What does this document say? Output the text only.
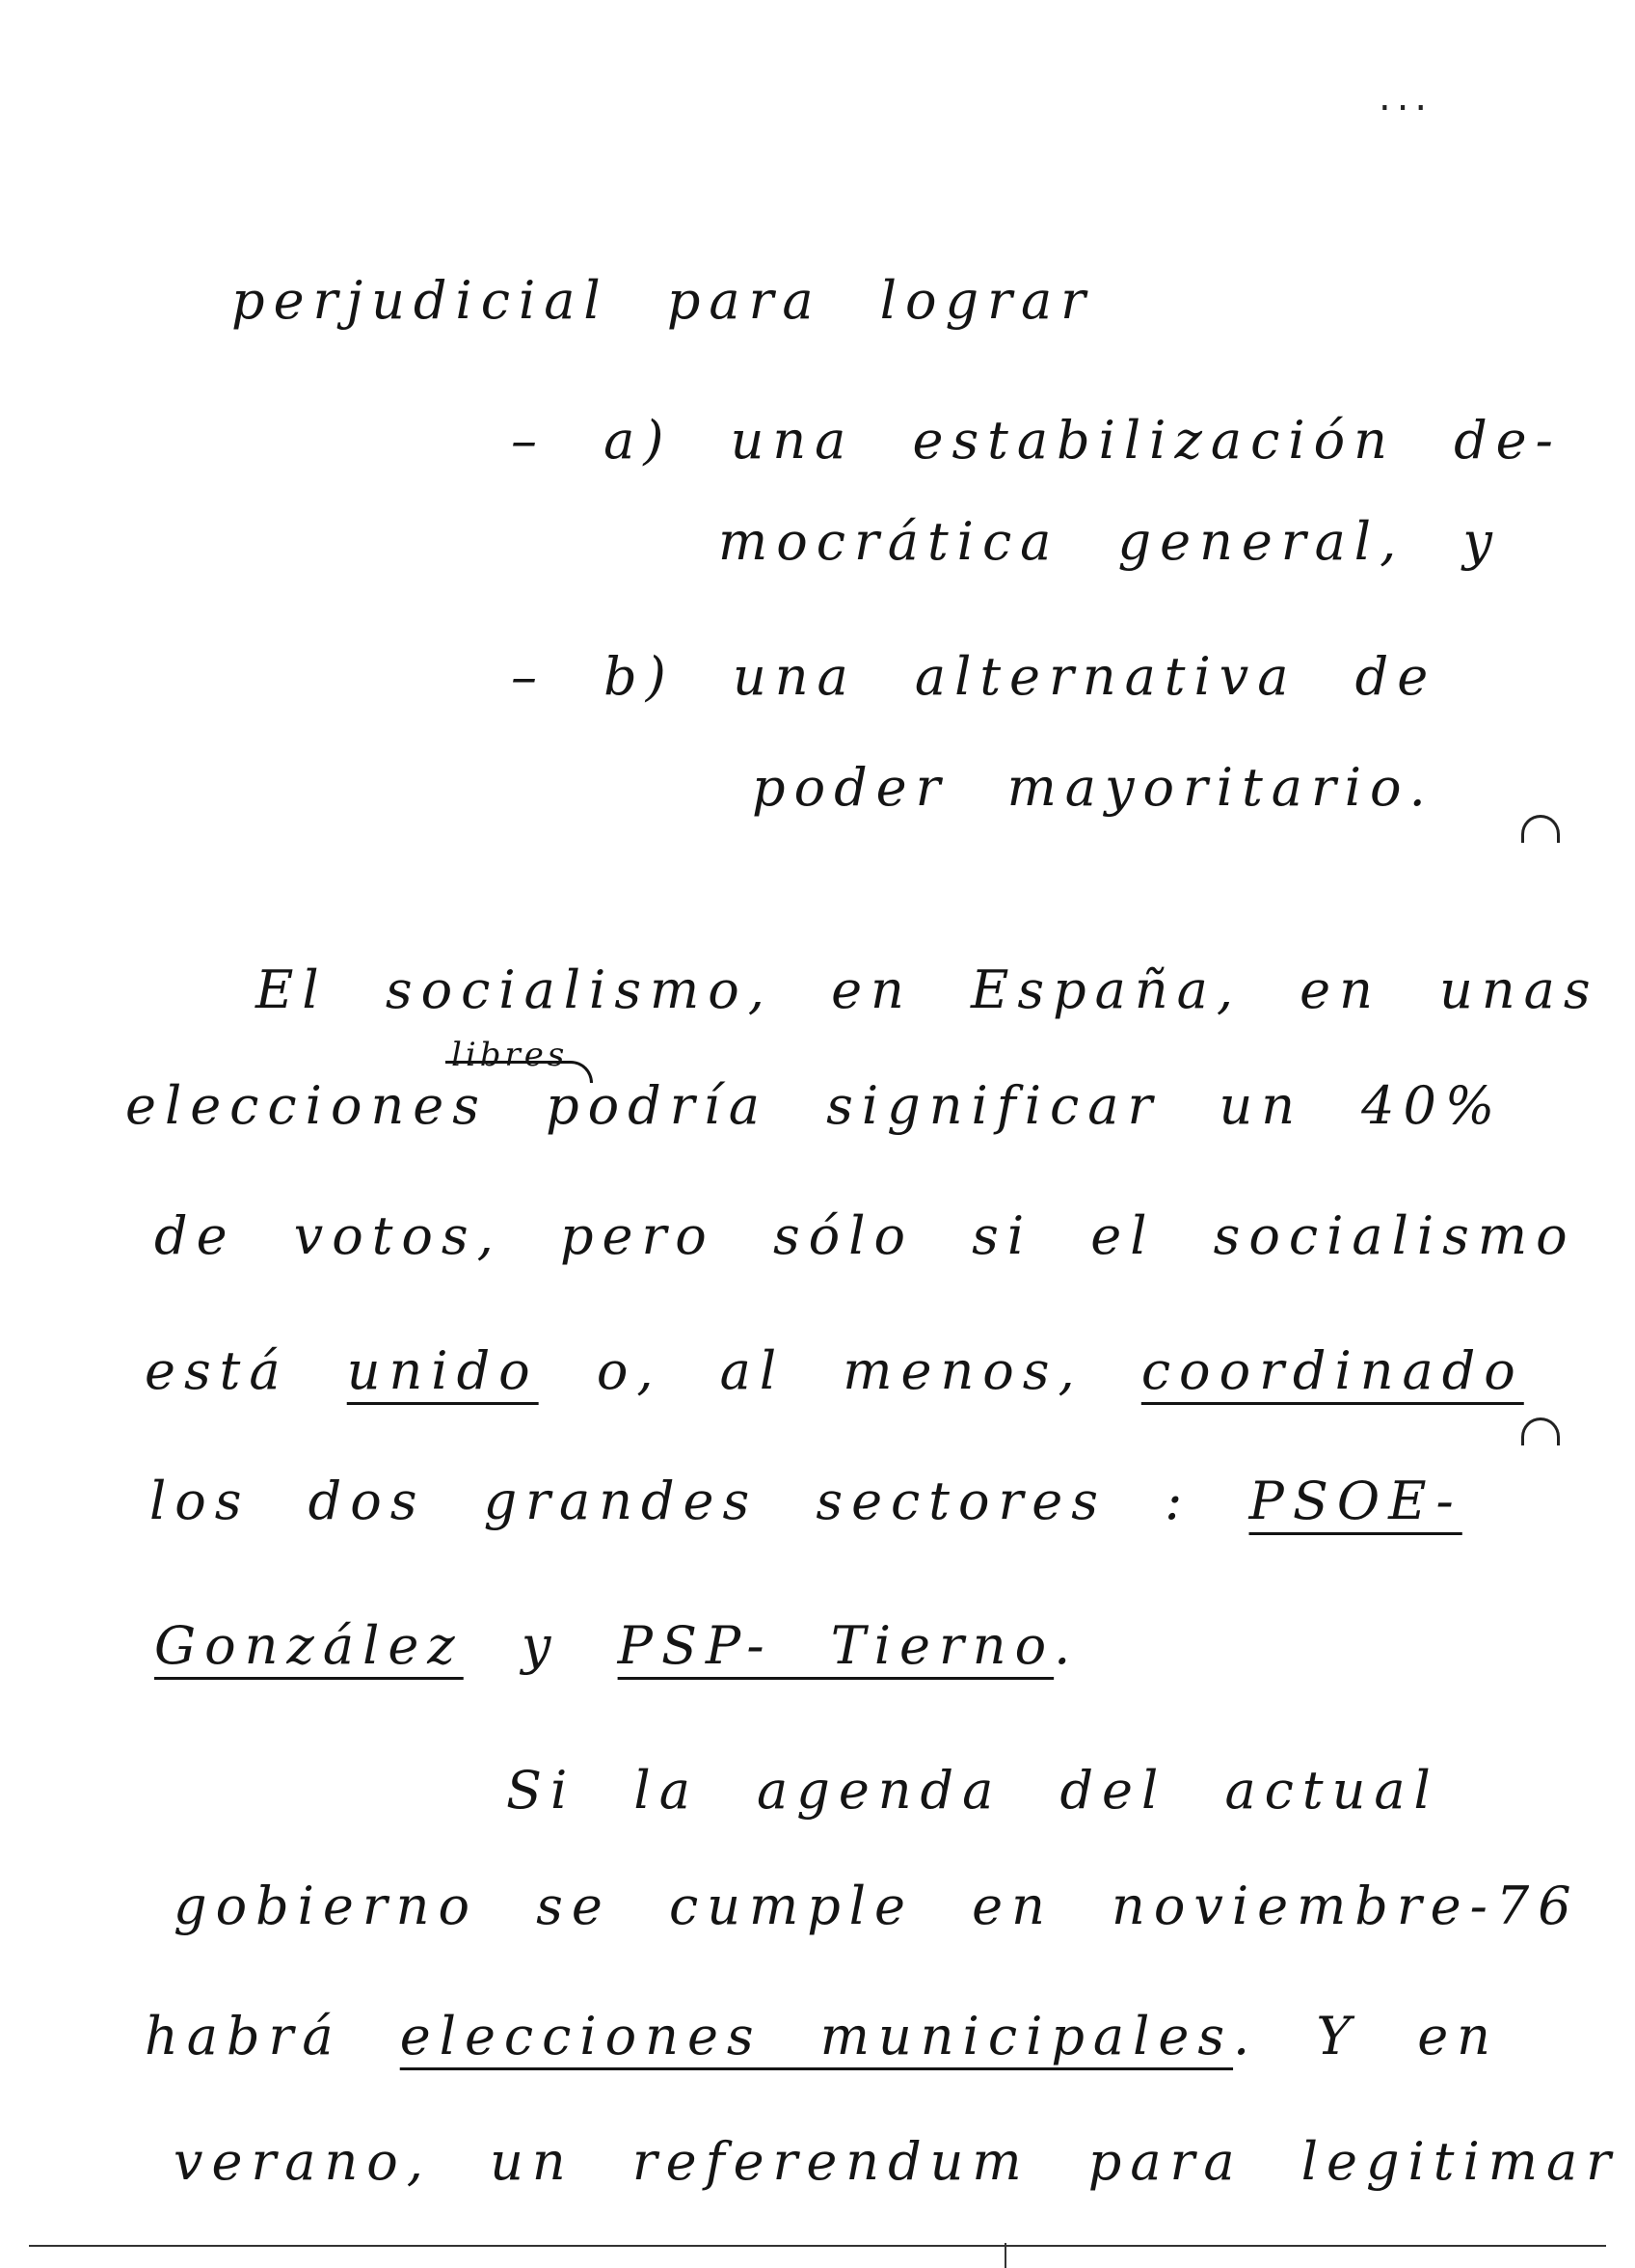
...
perjudicial para lograr
– a) una estabilización de-
mocrática general, y
– b) una alternativa de
poder mayoritario.
El socialismo, en España, en unas
elecciones podría significar un 40%
libres
de votos, pero sólo si el socialismo
está unido o, al menos, coordinado
los dos grandes sectores : PSOE-
González y PSP- Tierno.
Si la agenda del actual
gobierno se cumple en noviembre-76
habrá elecciones municipales. Y en
verano, un referendum para legitimar
